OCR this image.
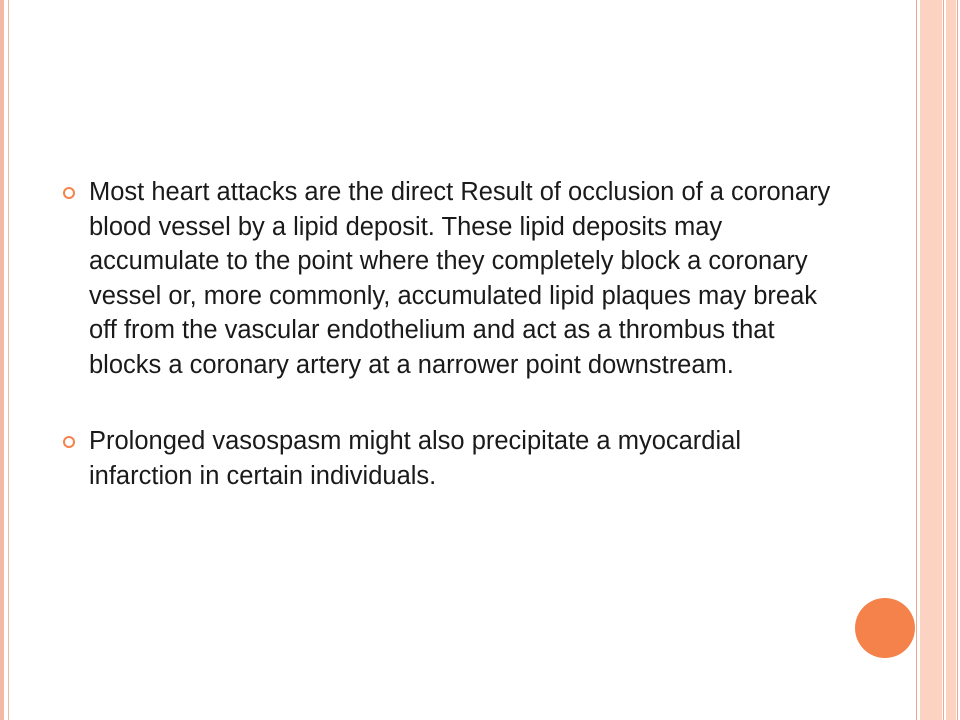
Most heart attacks are the direct Result of occlusion of a coronary blood vessel by a lipid deposit. These lipid deposits may accumulate to the point where they completely block a coronary vessel or, more commonly, accumulated lipid plaques may break off from the vascular endothelium and act as a thrombus that blocks a coronary artery at a narrower point downstream.
Prolonged vasospasm might also precipitate a myocardial infarction in certain individuals.
